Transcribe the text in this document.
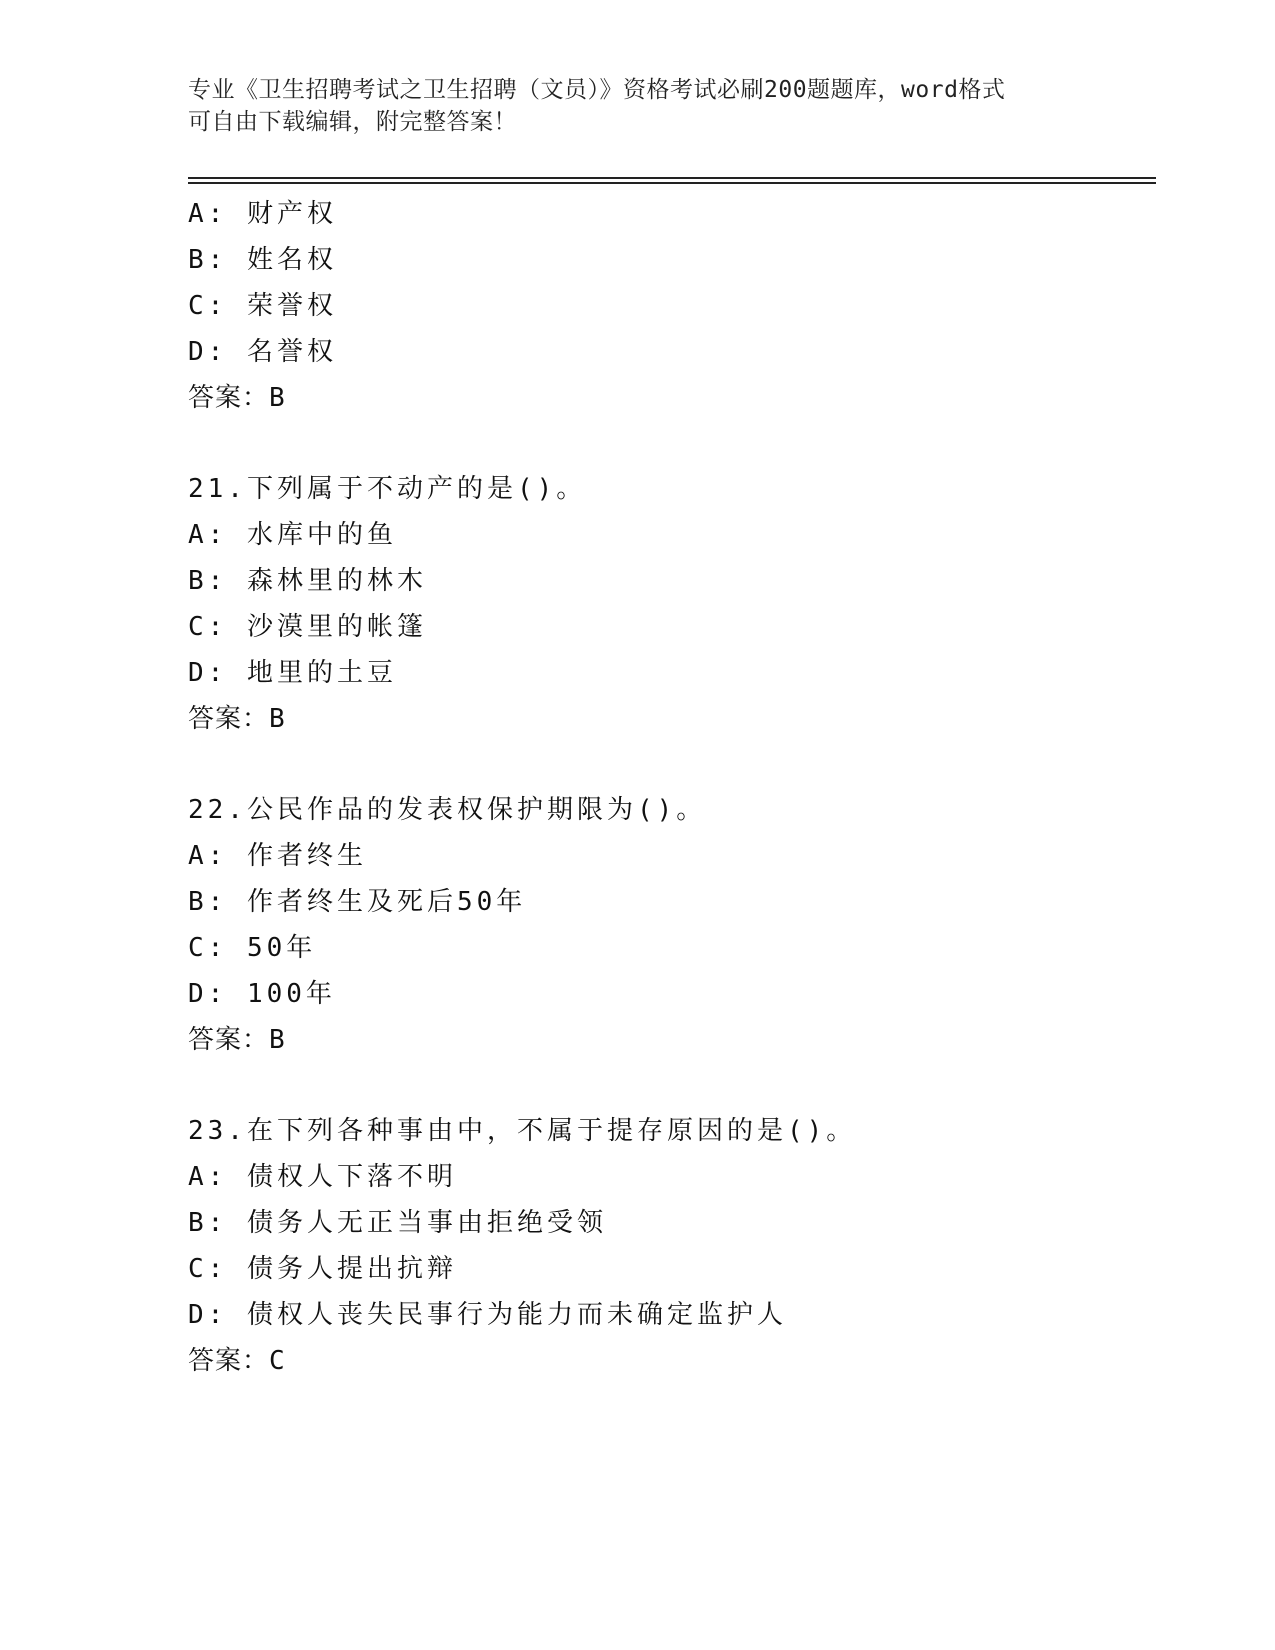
专业《卫生招聘考试之卫生招聘（文员）》资格考试必刷200题题库，word格式
可自由下载编辑，附完整答案！
A: 财产权
B: 姓名权
C: 荣誉权
D: 名誉权
答案：B
21.下列属于不动产的是()。
A: 水库中的鱼
B: 森林里的林木
C: 沙漠里的帐篷
D: 地里的土豆
答案：B
22.公民作品的发表权保护期限为()。
A: 作者终生
B: 作者终生及死后50年
C: 50年
D: 100年
答案：B
23.在下列各种事由中，不属于提存原因的是()。
A: 债权人下落不明
B: 债务人无正当事由拒绝受领
C: 债务人提出抗辩
D: 债权人丧失民事行为能力而未确定监护人
答案：C
